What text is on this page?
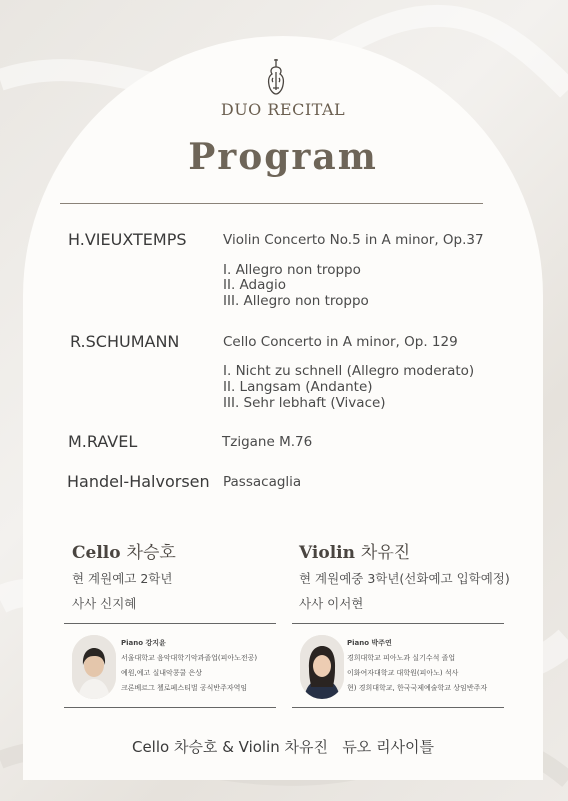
DUO RECITAL
Program
H.VIEUXTEMPS	Violin Concerto No.5 in A minor, Op.37
I. Allegro non troppo
II. Adagio
III. Allegro non troppo
R.SCHUMANN	Cello Concerto in A minor, Op. 129
I. Nicht zu schnell (Allegro moderato)
II. Langsam (Andante)
III. Sehr lebhaft (Vivace)
M.RAVEL	Tzigane M.76
Handel-Halvorsen Passacaglia
Cello 차승호
현 계원예고 2학년
사사 신지혜
Piano 강지윤
서울대학교 음악대학기악과졸업(피아노전공)
예원,예고 실내악콩쿨 은상
크론베르그 첼로페스티벌 공식반주자역임
Violin 차유진
현 계원예중 3학년(선화예고 입학예정)
사사 이서현
Piano 박주연
경희대학교 피아노과 실기수석 졸업
이화여자대학교 대학원(피아노) 석사
현) 경희대학교, 한국국제예술학교 상임반주자
Cello 차승호 & Violin 차유진   듀오 리사이틀
